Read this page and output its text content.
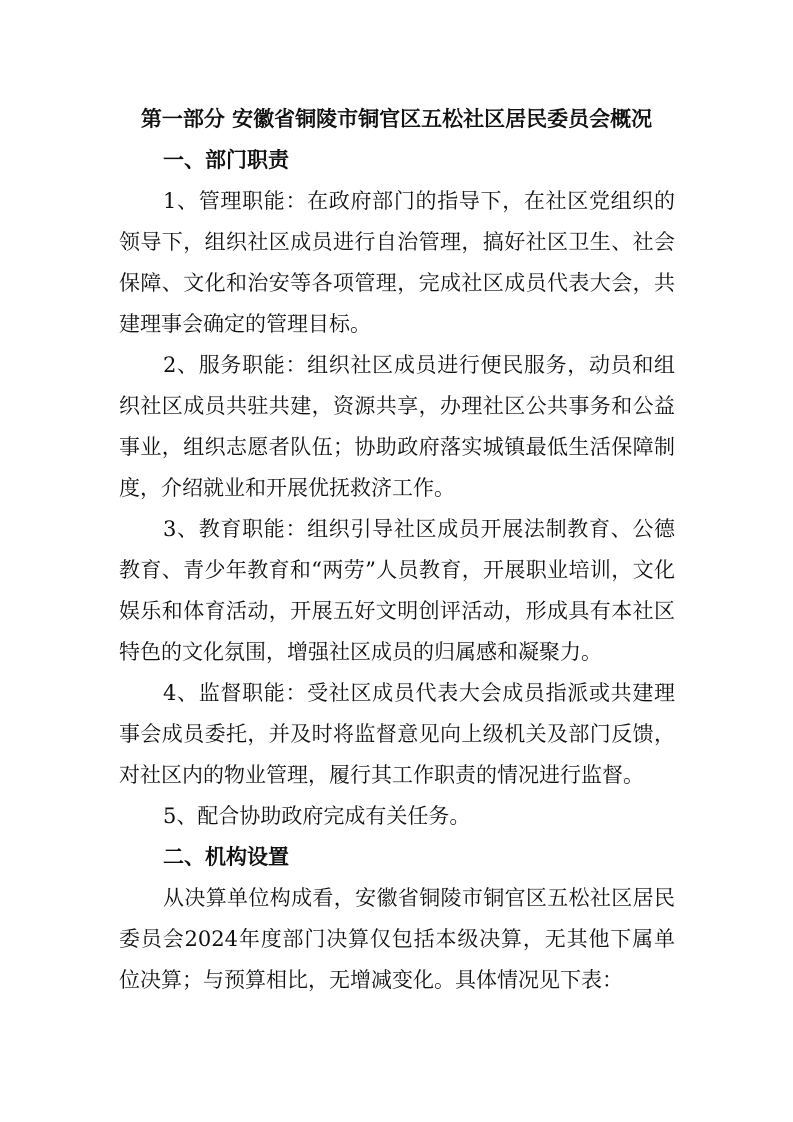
第一部分 安徽省铜陵市铜官区五松社区居民委员会概况
一、部门职责
1、管理职能：在政府部门的指导下，在社区党组织的
领导下，组织社区成员进行自治管理，搞好社区卫生、社会
保障、文化和治安等各项管理，完成社区成员代表大会，共
建理事会确定的管理目标。
2、服务职能：组织社区成员进行便民服务，动员和组
织社区成员共驻共建，资源共享，办理社区公共事务和公益
事业，组织志愿者队伍；协助政府落实城镇最低生活保障制
度，介绍就业和开展优抚救济工作。
3、教育职能：组织引导社区成员开展法制教育、公德
教育、青少年教育和“两劳”人员教育，开展职业培训，文化
娱乐和体育活动，开展五好文明创评活动，形成具有本社区
特色的文化氛围，增强社区成员的归属感和凝聚力。
4、监督职能：受社区成员代表大会成员指派或共建理
事会成员委托，并及时将监督意见向上级机关及部门反馈，
对社区内的物业管理，履行其工作职责的情况进行监督。
5、配合协助政府完成有关任务。
二、机构设置
从决算单位构成看，安徽省铜陵市铜官区五松社区居民
委员会2024年度部门决算仅包括本级决算，无其他下属单
位决算；与预算相比，无增减变化。具体情况见下表：
